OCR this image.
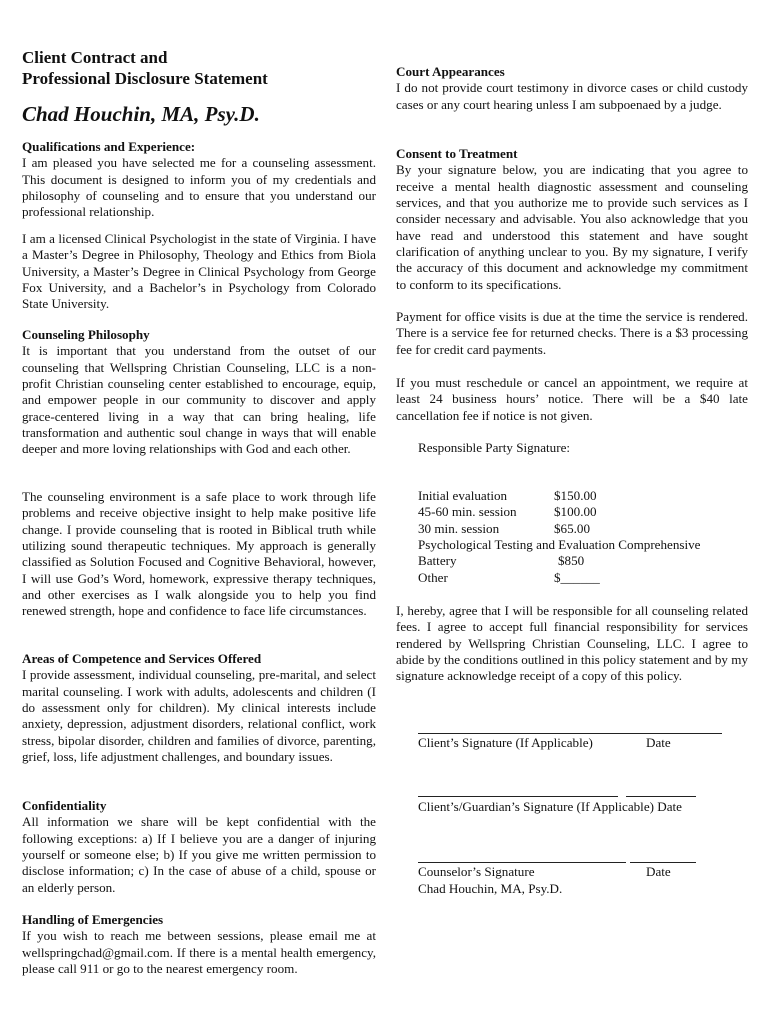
Client Contract and
Professional Disclosure Statement
Chad Houchin, MA, Psy.D.
Qualifications and Experience:

I am pleased you have selected me for a counseling assessment. This document is designed to inform you of my credentials and philosophy of counseling and to ensure that you understand our professional relationship.

I am a licensed Clinical Psychologist in the state of Virginia. I have a Master’s Degree in Philosophy, Theology and Ethics from Biola University, a Master’s Degree in Clinical Psychology from George Fox University, and a Bachelor’s in Psychology from Colorado State University.

Counseling Philosophy

It is important that you understand from the outset of our counseling that Wellspring Christian Counseling, LLC is a non-profit Christian counseling center established to encourage, equip, and empower people in our community to discover and apply grace-centered living in a way that can bring healing, life transformation and authentic soul change in ways that will enable deeper and more loving relationships with God and each other.

The counseling environment is a safe place to work through life problems and receive objective insight to help make positive life change. I provide counseling that is rooted in Biblical truth while utilizing sound therapeutic techniques. My approach is generally classified as Solution Focused and Cognitive Behavioral, however, I will use God’s Word, homework, expressive therapy techniques, and other exercises as I walk alongside you to help you find renewed strength, hope and confidence to face life circumstances.

Areas of Competence and Services Offered

I provide assessment, individual counseling, pre-marital, and select marital counseling. I work with adults, adolescents and children (I do assessment only for children). My clinical interests include anxiety, depression, adjustment disorders, relational conflict, work stress, bipolar disorder, children and families of divorce, parenting, grief, loss, life adjustment challenges, and boundary issues.

Confidentiality

All information we share will be kept confidential with the following exceptions: a) If I believe you are a danger of injuring yourself or someone else; b) If you give me written permission to disclose information; c) In the case of abuse of a child, spouse or an elderly person.

Handling of Emergencies

If you wish to reach me between sessions, please email me at wellspringchad@gmail.com. If there is a mental health emergency, please call 911 or go to the nearest emergency room.

Court Appearances

I do not provide court testimony in divorce cases or child custody cases or any court hearing unless I am subpoenaed by a judge.

Consent to Treatment

By your signature below, you are indicating that you agree to receive a mental health diagnostic assessment and counseling services, and that you authorize me to provide such services as I consider necessary and advisable. You also acknowledge that you have read and understood this statement and have sought clarification of anything unclear to you. By my signature, I verify the accuracy of this document and acknowledge my commitment to conform to its specifications.

Payment for office visits is due at the time the service is rendered. There is a service fee for returned checks. There is a $3 processing fee for credit card payments.

If you must reschedule or cancel an appointment, we require at least 24 business hours’ notice. There will be a $40 late cancellation fee if notice is not given.

Responsible Party Signature:
Initial evaluation	$150.00
45-60 min. session	$100.00
30 min. session	$65.00
Psychological Testing and Evaluation Comprehensive
Battery	$850
Other	$______

I, hereby, agree that I will be responsible for all counseling related fees. I agree to accept full financial responsibility for services rendered by Wellspring Christian Counseling, LLC. I agree to abide by the conditions outlined in this policy statement and by my signature acknowledge receipt of a copy of this policy.

Client’s Signature (If Applicable)	Date
Client’s/Guardian’s Signature (If Applicable) Date
Counselor’s Signature	Date
Chad Houchin, MA, Psy.D.
